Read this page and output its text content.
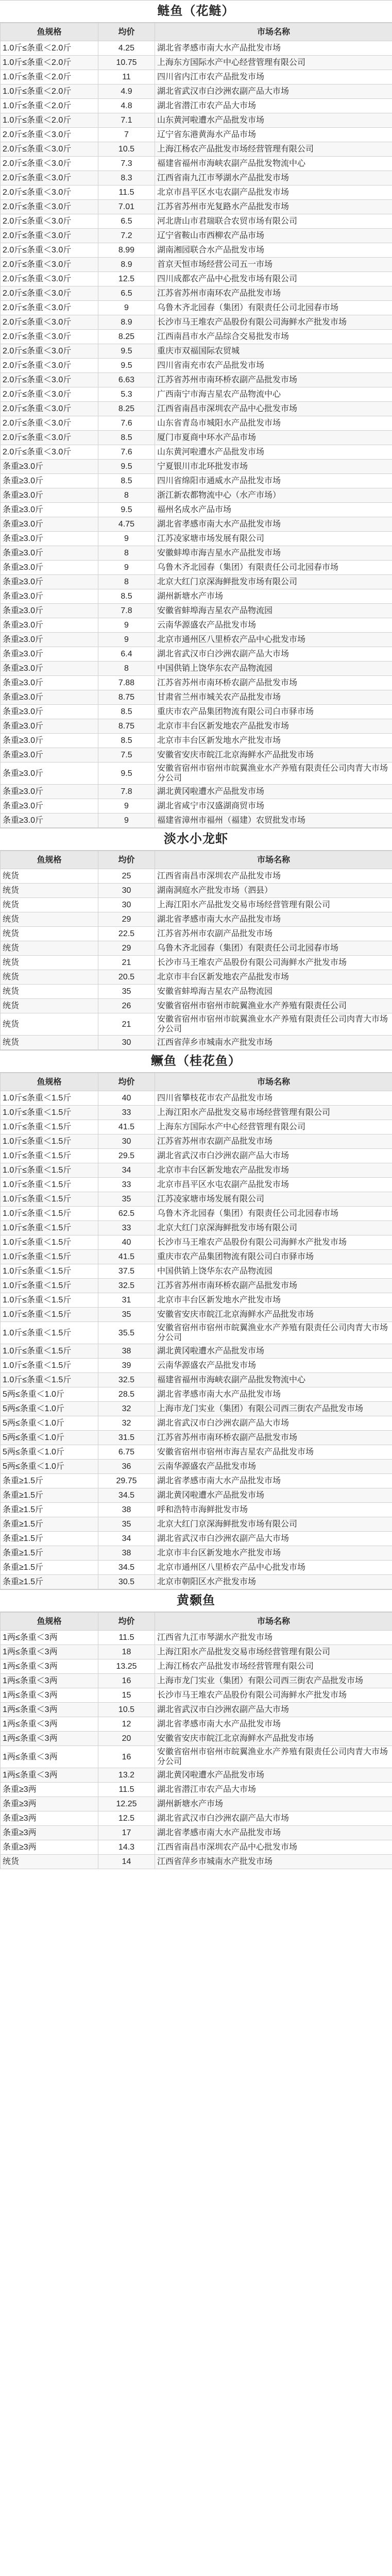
鲢鱼（花鲢）
鱼规格	均价	市场名称
1.0斤≤条重＜2.0斤	4.25	湖北省孝感市南大水产品批发市场
1.0斤≤条重＜2.0斤	10.75	上海东方国际水产中心经营管理有限公司
1.0斤≤条重＜2.0斤	11	四川省内江市农产品批发市场
1.0斤≤条重＜2.0斤	4.9	湖北省武汉市白沙洲农副产品大市场
1.0斤≤条重＜2.0斤	4.8	湖北省潜江市农产品大市场
1.0斤≤条重＜2.0斤	7.1	山东黄河啦遭水产品批发市场
2.0斤≤条重＜3.0斤	7	辽宁省东港黄海水产品市场
2.0斤≤条重＜3.0斤	10.5	上海江杨农产品批发市场经营管理有限公司
2.0斤≤条重＜3.0斤	7.3	福建省福州市海峡农副产品批发物流中心
2.0斤≤条重＜3.0斤	8.3	江西省南九江市琴湖水产品批发市场
2.0斤≤条重＜3.0斤	11.5	北京市昌平区水屯农副产品批发市场
2.0斤≤条重＜3.0斤	7.01	江苏省苏州市光复路水产品批发市场
2.0斤≤条重＜3.0斤	6.5	河北唐山市君瑞联合农贸市场有限公司
2.0斤≤条重＜3.0斤	7.2	辽宁省鞍山市西柳农产品市场
2.0斤≤条重＜3.0斤	8.99	湖南湘园联合水产品批发市场
2.0斤≤条重＜3.0斤	8.9	首京天恒市场经营公司五一市场
2.0斤≤条重＜3.0斤	12.5	四川成都农产品中心批发市场有限公司
2.0斤≤条重＜3.0斤	6.5	江苏省苏州市南环农产品批发市场
2.0斤≤条重＜3.0斤	9	乌鲁木齐北园春（集团）有限责任公司北园春市场
2.0斤≤条重＜3.0斤	8.9	长沙市马王堆农产品股份有限公司海鲜水产批发市场
2.0斤≤条重＜3.0斤	8.25	江西南昌市水产品综合交易批发市场
2.0斤≤条重＜3.0斤	9.5	重庆市双福国际农贸城
2.0斤≤条重＜3.0斤	9.5	四川省南充市农产品批发市场
2.0斤≤条重＜3.0斤	6.63	江苏省苏州市南环桥农副产品批发市场
2.0斤≤条重＜3.0斤	5.3	广西南宁市海吉星农产品物流中心
2.0斤≤条重＜3.0斤	8.25	江西省南昌市深圳农产品中心批发市场
2.0斤≤条重＜3.0斤	7.6	山东省青岛市城阳水产品批发市场
2.0斤≤条重＜3.0斤	8.5	厦门市夏商中环水产品市场
2.0斤≤条重＜3.0斤	7.6	山东黄河啦遭水产品批发市场
条重≥3.0斤	9.5	宁夏银川市北环批发市场
条重≥3.0斤	8.5	四川省绵阳市通威水产品批发市场
条重≥3.0斤	8	浙江新农都物流中心（水产市场）
条重≥3.0斤	9.5	福州名成水产品市场
条重≥3.0斤	4.75	湖北省孝感市南大水产品批发市场
条重≥3.0斤	9	江苏凌家塘市场发展有限公司
条重≥3.0斤	8	安徽蚌埠市海吉星水产品批发市场
条重≥3.0斤	9	乌鲁木齐北园春（集团）有限责任公司北园春市场
条重≥3.0斤	8	北京大红门京深海鲜批发市场有限公司
条重≥3.0斤	8.5	湖州新塘水产市场
条重≥3.0斤	7.8	安徽省蚌埠海吉星农产品物流园
条重≥3.0斤	9	云南华源盛农产品批发市场
条重≥3.0斤	9	北京市通州区八里桥农产品中心批发市场
条重≥3.0斤	6.4	湖北省武汉市白沙洲农副产品大市场
条重≥3.0斤	8	中国供销上饶华东农产品物流园
条重≥3.0斤	7.88	江苏省苏州市南环桥农副产品批发市场
条重≥3.0斤	8.75	甘肃省兰州市城关农产品批发市场
条重≥3.0斤	8.5	重庆市农产品集团物流有限公司白市驿市场
条重≥3.0斤	8.75	北京市丰台区新发地农产品批发市场
条重≥3.0斤	8.5	北京市丰台区新发地水产批发市场
条重≥3.0斤	7.5	安徽省安庆市皖江北京海鲜水产品批发市场
条重≥3.0斤	9.5	安徽省宿州市宿州市皖翼渔业水产养殖有限责任公司肉青大市场分公司
条重≥3.0斤	7.8	湖北黄冈啦遭水产品批发市场
条重≥3.0斤	9	湖北省咸宁市汉盛湖商贸市场
条重≥3.0斤	9	福建省漳州市福州（福建）农贸批发市场
淡水小龙虾
鱼规格	均价	市场名称
统货	25	江西省南昌市深圳农产品批发市场
统货	30	湖南洞庭水产批发市场（泗县）
统货	30	上海江阳水产品批发交易市场经营管理有限公司
统货	29	湖北省孝感市南大水产品批发市场
统货	22.5	江苏省苏州市农副产品批发市场
统货	29	乌鲁木齐北园春（集团）有限责任公司北园春市场
统货	21	长沙市马王堆农产品股份有限公司海鲜水产批发市场
统货	20.5	北京市丰台区新发地农产品批发市场
统货	35	安徽省蚌埠海吉星农产品物流园
统货	26	安徽省宿州市宿州市皖翼渔业水产养殖有限责任公司
统货	21	安徽省宿州市宿州市皖翼渔业水产养殖有限责任公司肉青大市场分公司
统货	30	江西省萍乡市城南水产批发市场
鳜鱼（桂花鱼）
鱼规格	均价	市场名称
1.0斤≤条重＜1.5斤	40	四川省攀枝花市农产品批发市场
1.0斤≤条重＜1.5斤	33	上海江阳水产品批发交易市场经营管理有限公司
1.0斤≤条重＜1.5斤	41.5	上海东方国际水产中心经营管理有限公司
1.0斤≤条重＜1.5斤	30	江苏省苏州市农副产品批发市场
1.0斤≤条重＜1.5斤	29.5	湖北省武汉市白沙洲农副产品大市场
1.0斤≤条重＜1.5斤	34	北京市丰台区新发地农产品批发市场
1.0斤≤条重＜1.5斤	33	北京市昌平区水屯农副产品批发市场
1.0斤≤条重＜1.5斤	35	江苏凌家塘市场发展有限公司
1.0斤≤条重＜1.5斤	62.5	乌鲁木齐北园春（集团）有限责任公司北园春市场
1.0斤≤条重＜1.5斤	33	北京大红门京深海鲜批发市场有限公司
1.0斤≤条重＜1.5斤	40	长沙市马王堆农产品股份有限公司海鲜水产批发市场
1.0斤≤条重＜1.5斤	41.5	重庆市农产品集团物流有限公司白市驿市场
1.0斤≤条重＜1.5斤	37.5	中国供销上饶华东农产品物流园
1.0斤≤条重＜1.5斤	32.5	江苏省苏州市南环桥农副产品批发市场
1.0斤≤条重＜1.5斤	31	北京市丰台区新发地水产批发市场
1.0斤≤条重＜1.5斤	35	安徽省安庆市皖江北京海鲜水产品批发市场
1.0斤≤条重＜1.5斤	35.5	安徽省宿州市宿州市皖翼渔业水产养殖有限责任公司肉青大市场分公司
1.0斤≤条重＜1.5斤	38	湖北黄冈啦遭水产品批发市场
1.0斤≤条重＜1.5斤	39	云南华源盛农产品批发市场
1.0斤≤条重＜1.5斤	32.5	福建省福州市海峡农副产品批发物流中心
5两≤条重＜1.0斤	28.5	湖北省孝感市南大水产品批发市场
5两≤条重＜1.0斤	32	上海市龙门实业（集团）有限公司西三街农产品批发市场
5两≤条重＜1.0斤	32	湖北省武汉市白沙洲农副产品大市场
5两≤条重＜1.0斤	31.5	江苏省苏州市南环桥农副产品批发市场
5两≤条重＜1.0斤	6.75	安徽省宿州市宿州市海吉星农产品批发市场
5两≤条重＜1.0斤	36	云南华源盛农产品批发市场
条重≥1.5斤	29.75	湖北省孝感市南大水产品批发市场
条重≥1.5斤	34.5	湖北黄冈啦遭水产品批发市场
条重≥1.5斤	38	呼和浩特市海鲜批发市场
条重≥1.5斤	35	北京大红门京深海鲜批发市场有限公司
条重≥1.5斤	34	湖北省武汉市白沙洲农副产品大市场
条重≥1.5斤	38	北京市丰台区新发地水产批发市场
条重≥1.5斤	34.5	北京市通州区八里桥农产品中心批发市场
条重≥1.5斤	30.5	北京市朝阳区水产批发市场
黄颡鱼
鱼规格	均价	市场名称
1两≤条重＜3两	11.5	江西省九江市琴湖水产批发市场
1两≤条重＜3两	18	上海江阳水产品批发交易市场经营管理有限公司
1两≤条重＜3两	13.25	上海江杨农产品批发市场经营管理有限公司
1两≤条重＜3两	16	上海市龙门实业（集团）有限公司西三街农产品批发市场
1两≤条重＜3两	15	长沙市马王堆农产品股份有限公司海鲜水产批发市场
1两≤条重＜3两	10.5	湖北省武汉市白沙洲农副产品大市场
1两≤条重＜3两	12	湖北省孝感市南大水产品批发市场
1两≤条重＜3两	20	安徽省安庆市皖江北京海鲜水产品批发市场
1两≤条重＜3两	16	安徽省宿州市宿州市皖翼渔业水产养殖有限责任公司肉青大市场分公司
1两≤条重＜3两	13.2	湖北黄冈啦遭水产品批发市场
条重≥3两	11.5	湖北省潜江市农产品大市场
条重≥3两	12.25	湖州新塘水产市场
条重≥3两	12.5	湖北省武汉市白沙洲农副产品大市场
条重≥3两	17	湖北省孝感市南大水产品批发市场
条重≥3两	14.3	江西省南昌市深圳农产品中心批发市场
统货	14	江西省萍乡市城南水产批发市场
